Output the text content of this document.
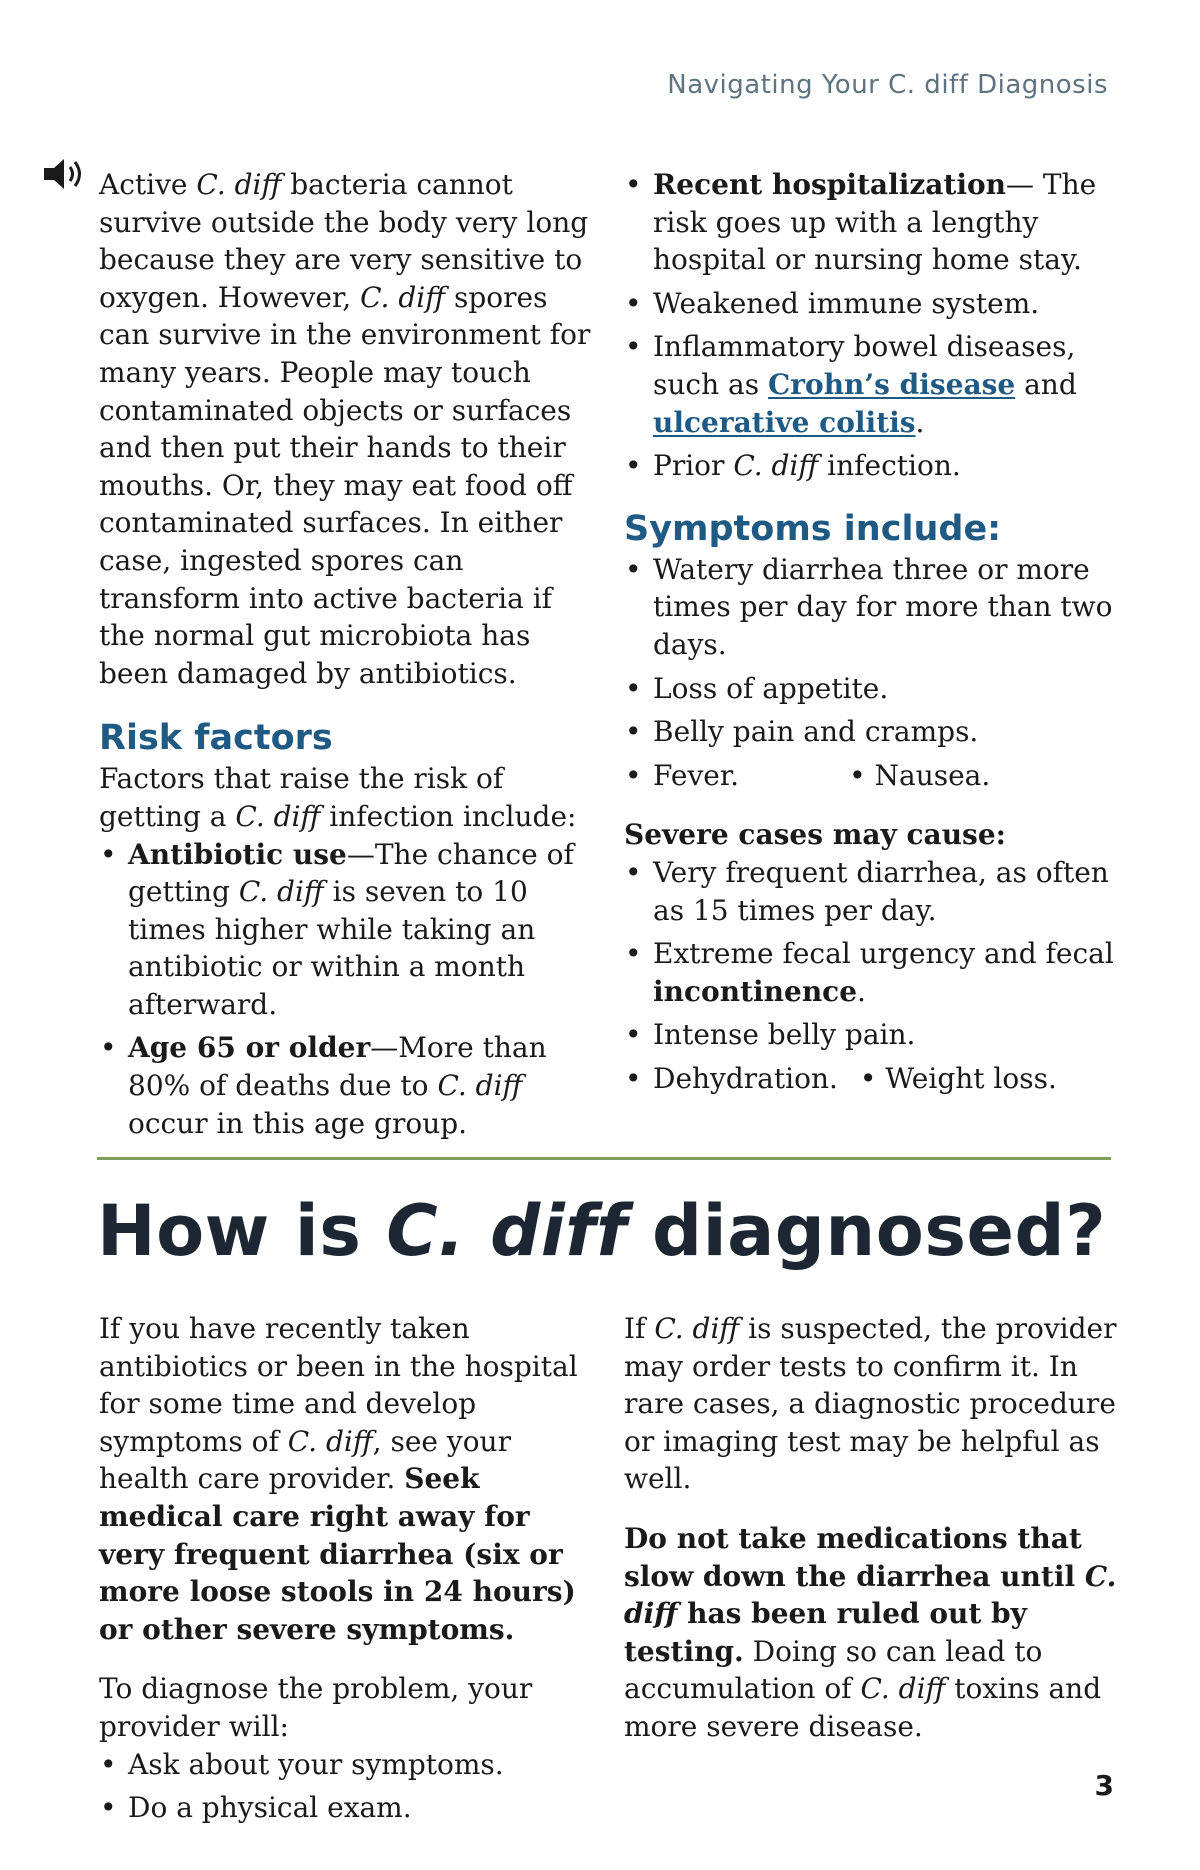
Navigating Your C. diff Diagnosis

Active C. diff bacteria cannot survive outside the body very long because they are very sensitive to oxygen. However, C. diff spores can survive in the environment for many years. People may touch contaminated objects or surfaces and then put their hands to their mouths. Or, they may eat food off contaminated surfaces. In either case, ingested spores can transform into active bacteria if the normal gut microbiota has been damaged by antibiotics.

Risk factors

Factors that raise the risk of getting a C. diff infection include:

• Antibiotic use—The chance of getting C. diff is seven to 10 times higher while taking an antibiotic or within a month afterward.
• Age 65 or older—More than 80% of deaths due to C. diff occur in this age group.
• Recent hospitalization— The risk goes up with a lengthy hospital or nursing home stay.
• Weakened immune system.
• Inflammatory bowel diseases, such as Crohn’s disease and ulcerative colitis.
• Prior C. diff infection.
Symptoms include:
• Watery diarrhea three or more times per day for more than two days.
• Loss of appetite.
• Belly pain and cramps.
• Fever.	• Nausea.
Severe cases may cause:
• Very frequent diarrhea, as often as 15 times per day.
• Extreme fecal urgency and fecal incontinence.
• Intense belly pain.
• Dehydration. • Weight loss.
How is C. diff diagnosed?

If you have recently taken antibiotics or been in the hospital for some time and develop symptoms of C. diff, see your health care provider. Seek medical care right away for very frequent diarrhea (six or more loose stools in 24 hours) or other severe symptoms.

To diagnose the problem, your provider will:

• Ask about your symptoms.
• Do a physical exam.

If C. diff is suspected, the provider may order tests to confirm it. In rare cases, a diagnostic procedure or imaging test may be helpful as well.

Do not take medications that slow down the diarrhea until C. diff has been ruled out by testing. Doing so can lead to accumulation of C. diff toxins and more severe disease.

3
